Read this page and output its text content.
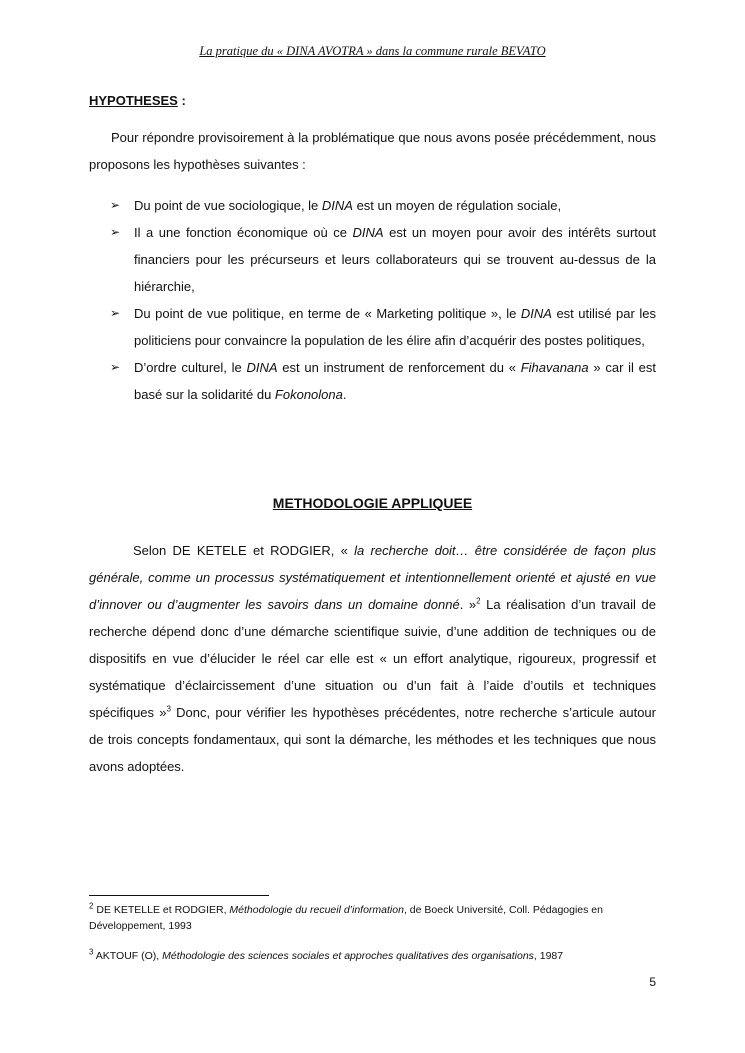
La pratique du « DINA AVOTRA » dans la commune rurale BEVATO
HYPOTHESES :
Pour répondre provisoirement à la problématique que nous avons posée précédemment, nous proposons les hypothèses suivantes :
➢ Du point de vue sociologique, le DINA est un moyen de régulation sociale,
➢ Il a une fonction économique où ce DINA est un moyen pour avoir des intérêts surtout financiers pour les précurseurs et leurs collaborateurs qui se trouvent au-dessus de la hiérarchie,
➢ Du point de vue politique, en terme de « Marketing politique », le DINA est utilisé par les politiciens pour convaincre la population de les élire afin d’acquérir des postes politiques,
➢ D’ordre culturel, le DINA est un instrument de renforcement du « Fihavanana » car il est basé sur la solidarité du Fokonolona.
METHODOLOGIE APPLIQUEE
Selon DE KETELE et RODGIER, « la recherche doit… être considérée de façon plus générale, comme un processus systématiquement et intentionnellement orienté et ajusté en vue d’innover ou d’augmenter les savoirs dans un domaine donné. »$^2$ La réalisation d’un travail de recherche dépend donc d’une démarche scientifique suivie, d’une addition de techniques ou de dispositifs en vue d’élucider le réel car elle est « un effort analytique, rigoureux, progressif et systématique d’éclaircissement d’une situation ou d’un fait à l’aide d’outils et techniques spécifiques »$^3$ Donc, pour vérifier les hypothèses précédentes, notre recherche s’articule autour de trois concepts fondamentaux, qui sont la démarche, les méthodes et les techniques que nous avons adoptées.
$^2$ DE KETELLE et RODGIER, Méthodologie du recueil d’information, de Boeck Université, Coll. Pédagogies en Développement, 1993
$^3$ AKTOUF (O), Méthodologie des sciences sociales et approches qualitatives des organisations, 1987
5
